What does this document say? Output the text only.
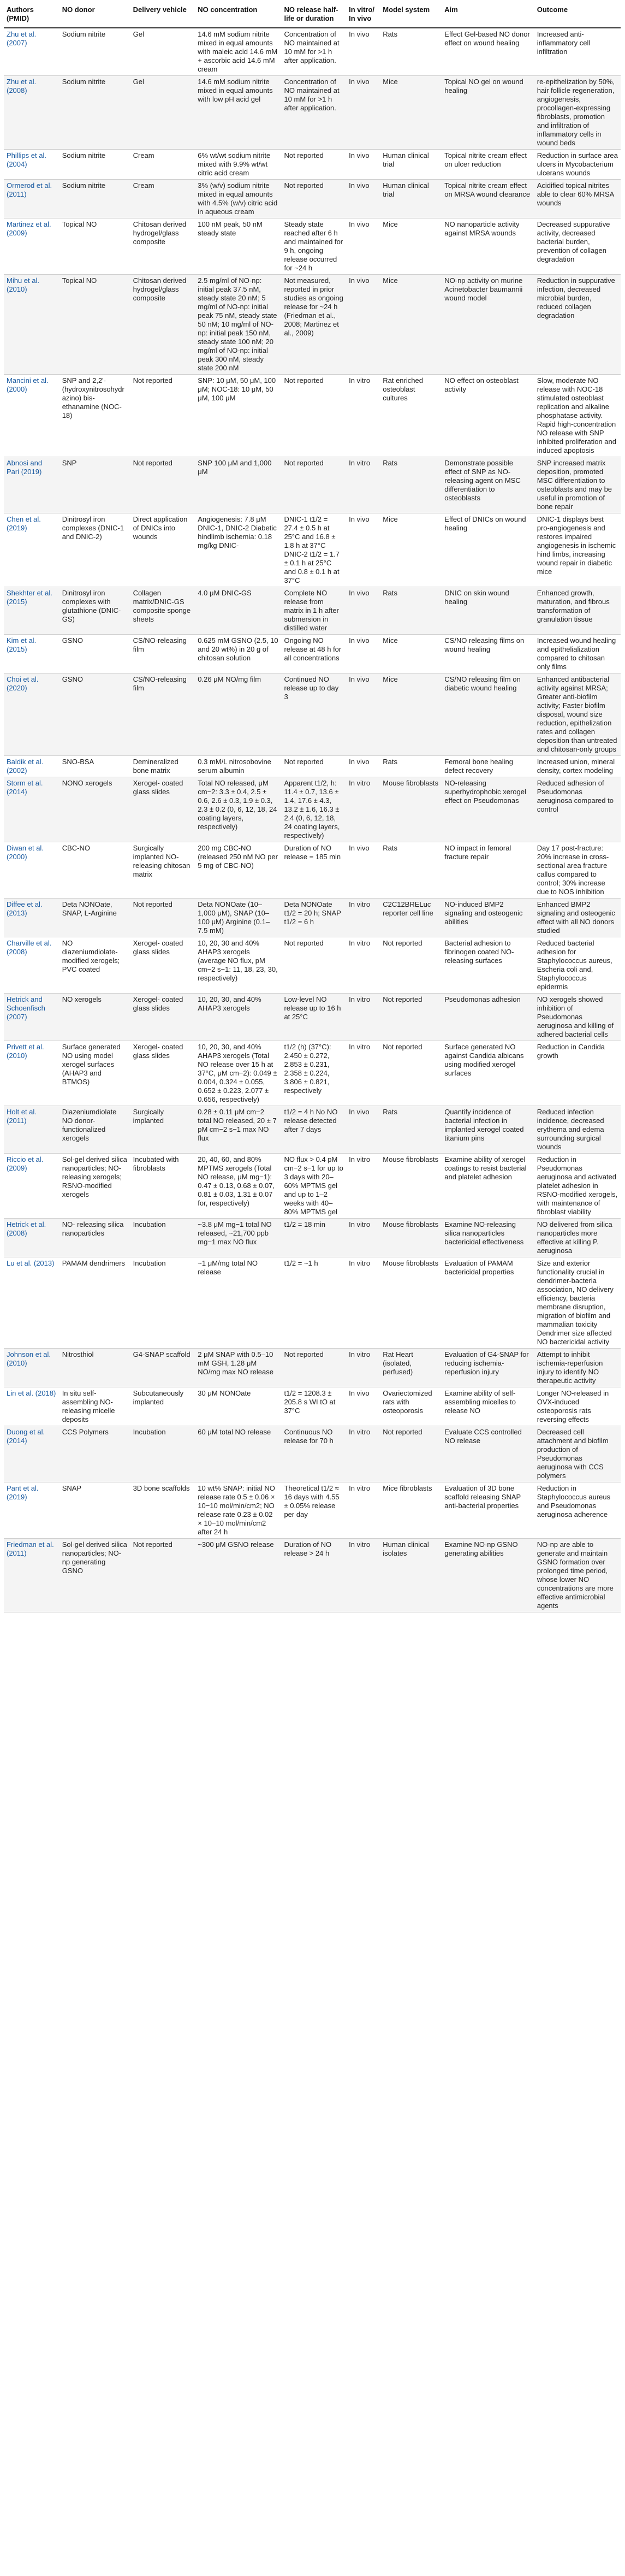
Authors
(PMID)	NO donor	Delivery vehicle	NO concentration	NO release half-life or duration	In vitro/ In vivo	Model system	Aim	Outcome
Zhu et al. (2007)	Sodium nitrite	Gel	14.6 mM sodium nitrite mixed in equal amounts with maleic acid 14.6 mM + ascorbic acid 14.6 mM cream	Concentration of NO maintained at 10 mM for >1 h after application.	In vivo	Rats	Effect Gel-based NO donor effect on wound healing	Increased anti-inflammatory cell infiltration
Zhu et al. (2008)	Sodium nitrite	Gel	14.6 mM sodium nitrite mixed in equal amounts with low pH acid gel	Concentration of NO maintained at 10 mM for >1 h after application.	In vivo	Mice	Topical NO gel on wound healing	re-epithelization by 50%, hair follicle regeneration, angiogenesis, procollagen-expressing fibroblasts, promotion and infiltration of inflammatory cells in wound beds
Phillips et al. (2004)	Sodium nitrite	Cream	6% wt/wt sodium nitrite mixed with 9.9% wt/wt citric acid cream	Not reported	In vivo	Human clinical trial	Topical nitrite cream effect on ulcer reduction	Reduction in surface area ulcers in Mycobacterium ulcerans wounds
Ormerod et al. (2011)	Sodium nitrite	Cream	3% (w/v) sodium nitrite mixed in equal amounts with 4.5% (w/v) citric acid in aqueous cream	Not reported	In vivo	Human clinical trial	Topical nitrite cream effect on MRSA wound clearance	Acidified topical nitrites able to clear 60% MRSA wounds
Martinez et al. (2009)	Topical NO	Chitosan derived hydrogel/glass composite	100 nM peak, 50 nM steady state	Steady state reached after 6 h and maintained for 9 h, ongoing release occurred for ~24 h	In vivo	Mice	NO nanoparticle activity against MRSA wounds	Decreased suppurative activity, decreased bacterial burden, prevention of collagen degradation
Mihu et al. (2010)	Topical NO	Chitosan derived hydrogel/glass composite	2.5 mg/ml of NO-np: initial peak 37.5 nM, steady state 20 nM; 5 mg/ml of NO-np: initial peak 75 nM, steady state 50 nM; 10 mg/ml of NO-np: initial peak 150 nM, steady state 100 nM; 20 mg/ml of NO-np: initial peak 300 nM, steady state 200 nM	Not measured, reported in prior studies as ongoing release for ~24 h (Friedman et al., 2008; Martinez et al., 2009)	In vivo	Mice	NO-np activity on murine Acinetobacter baumannii wound model	Reduction in suppurative infection, decreased microbial burden, reduced collagen degradation
Mancini et al. (2000)	SNP and 2,2'-(hydroxynitrosohydrazino) bis-ethanamine (NOC-18)	Not reported	SNP: 10 μM, 50 μM, 100 μM; NOC-18: 10 μM, 50 μM, 100 μM	Not reported	In vitro	Rat enriched osteoblast cultures	NO effect on osteoblast activity	Slow, moderate NO release with NOC-18 stimulated osteoblast replication and alkaline phosphatase activity. Rapid high-concentration NO release with SNP inhibited proliferation and induced apoptosis
Abnosi and Pari (2019)	SNP	Not reported	SNP 100 μM and 1,000 μM	Not reported	In vitro	Rats	Demonstrate possible effect of SNP as NO-releasing agent on MSC differentiation to osteoblasts	SNP increased matrix deposition, promoted MSC differentiation to osteoblasts and may be useful in promotion of bone repair
Chen et al. (2019)	Dinitrosyl iron complexes (DNIC-1 and DNIC-2)	Direct application of DNICs into wounds	Angiogenesis: 7.8 μM DNIC-1, DNIC-2 Diabetic hindlimb ischemia: 0.18 mg/kg DNIC-	DNIC-1 t1/2 = 27.4 ± 0.5 h at 25°C and 16.8 ± 1.8 h at 37°C DNIC-2 t1/2 = 1.7 ± 0.1 h at 25°C and 0.8 ± 0.1 h at 37°C	In vivo	Mice	Effect of DNICs on wound healing	DNIC-1 displays best pro-angiogenesis and restores impaired angiogenesis in ischemic hind limbs, increasing wound repair in diabetic mice
Shekhter et al. (2015)	Dinitrosyl iron complexes with glutathione (DNIC-GS)	Collagen matrix/DNIC-GS composite sponge sheets	4.0 μM DNIC-GS	Complete NO release from matrix in 1 h after submersion in distilled water	In vivo	Rats	DNIC on skin wound healing	Enhanced growth, maturation, and fibrous transformation of granulation tissue
Kim et al. (2015)	GSNO	CS/NO-releasing film	0.625 mM GSNO (2.5, 10 and 20 wt%) in 20 g of chitosan solution	Ongoing NO release at 48 h for all concentrations	In vivo	Mice	CS/NO releasing films on wound healing	Increased wound healing and epithelialization compared to chitosan only films
Choi et al. (2020)	GSNO	CS/NO-releasing film	0.26 μM NO/mg film	Continued NO release up to day 3	In vivo	Mice	CS/NO releasing film on diabetic wound healing	Enhanced antibacterial activity against MRSA; Greater anti-biofilm activity; Faster biofilm disposal, wound size reduction, epithelization rates and collagen deposition than untreated and chitosan-only groups
Baldik et al. (2002)	SNO-BSA	Demineralized bone matrix	0.3 mM/L nitrosobovine serum albumin	Not reported	In vivo	Rats	Femoral bone healing defect recovery	Increased union, mineral density, cortex modeling
Storm et al. (2014)	NONO xerogels	Xerogel- coated glass slides	Total NO released, μM cm−2: 3.3 ± 0.4, 2.5 ± 0.6, 2.6 ± 0.3, 1.9 ± 0.3, 2.3 ± 0.2 (0, 6, 12, 18, 24 coating layers, respectively)	Apparent t1/2, h: 11.4 ± 0.7, 13.6 ± 1.4, 17.6 ± 4.3, 13.2 ± 1.6, 16.3 ± 2.4 (0, 6, 12, 18, 24 coating layers, respectively)	In vitro	Mouse fibroblasts	NO-releasing superhydrophobic xerogel effect on Pseudomonas	Reduced adhesion of Pseudomonas aeruginosa compared to control
Diwan et al. (2000)	CBC-NO	Surgically implanted NO-releasing chitosan matrix	200 mg CBC-NO (released 250 nM NO per 5 mg of CBC-NO)	Duration of NO release = 185 min	In vivo	Rats	NO impact in femoral fracture repair	Day 17 post-fracture: 20% increase in cross-sectional area fracture callus compared to control; 30% increase due to NOS inhibition
Diffee et al. (2013)	Deta NONOate, SNAP, L-Arginine	Not reported	Deta NONOate (10–1,000 μM), SNAP (10–100 μM) Arginine (0.1–7.5 mM)	Deta NONOate t1/2 = 20 h; SNAP t1/2 = 6 h	In vitro	C2C12BRELuc reporter cell line	NO-induced BMP2 signaling and osteogenic abilities	Enhanced BMP2 signaling and osteogenic effect with all NO donors studied
Charville et al. (2008)	NO diazeniumdiolate-modified xerogels; PVC coated	Xerogel- coated glass slides	10, 20, 30 and 40% AHAP3 xerogels (average NO flux, pM cm−2 s−1: 11, 18, 23, 30, respectively)	Not reported	In vitro	Not reported	Bacterial adhesion to fibrinogen coated NO-releasing surfaces	Reduced bacterial adhesion for Staphylococcus aureus, Escheria coli and, Staphylococcus epidermis
Hetrick and Schoenfisch (2007)	NO xerogels	Xerogel- coated glass slides	10, 20, 30, and 40% AHAP3 xerogels	Low-level NO release up to 16 h at 25°C	In vitro	Not reported	Pseudomonas adhesion	NO xerogels showed inhibition of Pseudomonas aeruginosa and killing of adhered bacterial cells
Privett et al. (2010)	Surface generated NO using model xerogel surfaces (AHAP3 and BTMOS)	Xerogel- coated glass slides	10, 20, 30, and 40% AHAP3 xerogels (Total NO release over 15 h at 37°C, μM cm−2): 0.049 ± 0.004, 0.324 ± 0.055, 0.652 ± 0.223, 2.077 ± 0.656, respectively)	t1/2 (h) (37°C): 2.450 ± 0.272, 2.853 ± 0.231, 2.358 ± 0.224, 3.806 ± 0.821, respectively	In vitro	Not reported	Surface generated NO against Candida albicans using modified xerogel surfaces	Reduction in Candida growth
Holt et al. (2011)	Diazeniumdiolate NO donor-functionalized xerogels	Surgically implanted	0.28 ± 0.11 μM cm−2 total NO released, 20 ± 7 pM cm−2 s−1 max NO flux	t1/2 = 4 h No NO release detected after 7 days	In vivo	Rats	Quantify incidence of bacterial infection in implanted xerogel coated titanium pins	Reduced infection incidence, decreased erythema and edema surrounding surgical wounds
Riccio et al. (2009)	Sol-gel derived silica nanoparticles; NO-releasing xerogels; RSNO-modified xerogels	Incubated with fibroblasts	20, 40, 60, and 80% MPTMS xerogels (Total NO release, μM mg−1): 0.47 ± 0.13, 0.68 ± 0.07, 0.81 ± 0.03, 1.31 ± 0.07 for, respectively)	NO flux > 0.4 pM cm−2 s−1 for up to 3 days with 20–60% MPTMS gel and up to 1–2 weeks with 40–80% MPTMS gel	In vitro	Mouse fibroblasts	Examine ability of xerogel coatings to resist bacterial and platelet adhesion	Reduction in Pseudomonas aeruginosa and activated platelet adhesion in RSNO-modified xerogels, with maintenance of fibroblast viability
Hetrick et al. (2008)	NO- releasing silica nanoparticles	Incubation	~3.8 μM mg−1 total NO released, ~21,700 ppb mg−1 max NO flux	t1/2 = 18 min	In vitro	Mouse fibroblasts	Examine NO-releasing silica nanoparticles bactericidal effectiveness	NO delivered from silica nanoparticles more effective at killing P. aeruginosa
Lu et al. (2013)	PAMAM dendrimers	Incubation	~1 μM/mg total NO release	t1/2 = ~1 h	In vitro	Mouse fibroblasts	Evaluation of PAMAM bactericidal properties	Size and exterior functionality crucial in dendrimer-bacteria association, NO delivery efficiency, bacteria membrane disruption, migration of biofilm and mammalian toxicity Dendrimer size affected NO bactericidal activity
Johnson et al. (2010)	Nitrosthiol	G4-SNAP scaffold	2 μM SNAP with 0.5–10 mM GSH, 1.28 μM NO/mg max NO release	Not reported	In vitro	Rat Heart (isolated, perfused)	Evaluation of G4-SNAP for reducing ischemia-reperfusion injury	Attempt to inhibit ischemia-reperfusion injury to identify NO therapeutic activity
Lin et al. (2018)	In situ self-assembling NO-releasing micelle deposits	Subcutaneously implanted	30 μM NONOate	t1/2 = 1208.3 ± 205.8 s WI tO at 37°C	In vivo	Ovariectomized rats with osteoporosis	Examine ability of self-assembling micelles to release NO	Longer NO-released in OVX-induced osteoporosis rats reversing effects
Duong et al. (2014)	CCS Polymers	Incubation	60 μM total NO release	Continuous NO release for 70 h	In vitro	Not reported	Evaluate CCS controlled NO release	Decreased cell attachment and biofilm production of Pseudomonas aeruginosa with CCS polymers
Pant et al. (2019)	SNAP	3D bone scaffolds	10 wt% SNAP: initial NO release rate 0.5 ± 0.06 × 10−10 mol/min/cm2; NO release rate 0.23 ± 0.02 × 10−10 mol/min/cm2 after 24 h	Theoretical t1/2 ≈ 16 days with 4.55 ± 0.05% release per day	In vitro	Mice fibroblasts	Evaluation of 3D bone scaffold releasing SNAP anti-bacterial properties	Reduction in Staphylococcus aureus and Pseudomonas aeruginosa adherence
Friedman et al. (2011)	Sol-gel derived silica nanoparticles; NO-np generating GSNO	Not reported	~300 μM GSNO release	Duration of NO release > 24 h	In vitro	Human clinical isolates	Examine NO-np GSNO generating abilities	NO-np are able to generate and maintain GSNO formation over prolonged time period, whose lower NO concentrations are more effective antimicrobial agents
